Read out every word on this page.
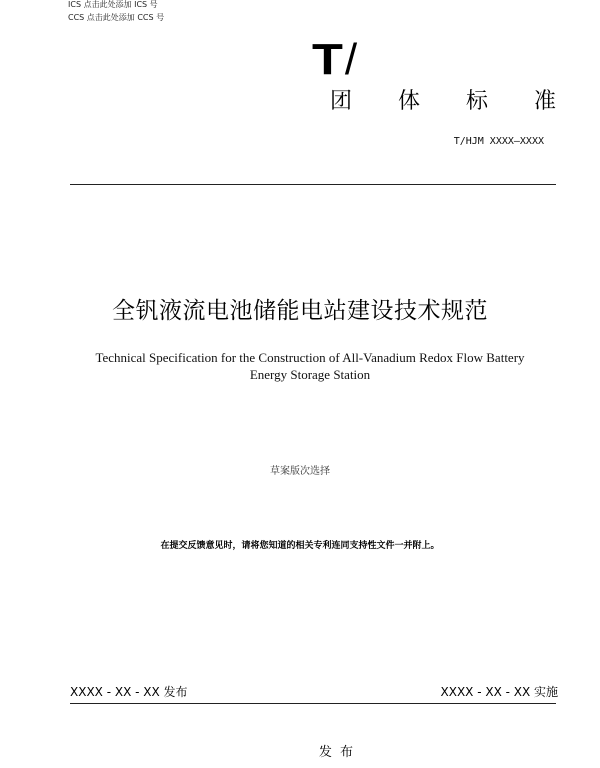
ICS 点击此处添加 ICS 号
CCS 点击此处添加 CCS 号
T/
团 体 标 准
T/HJM XXXX—XXXX
全钒液流电池储能电站建设技术规范
Technical Specification for the Construction of All-Vanadium Redox Flow Battery
Energy Storage Station
草案版次选择
在提交反馈意见时，请将您知道的相关专利连同支持性文件一并附上。
XXXX - XX - XX 发布	XXXX - XX - XX 实施
发 布
